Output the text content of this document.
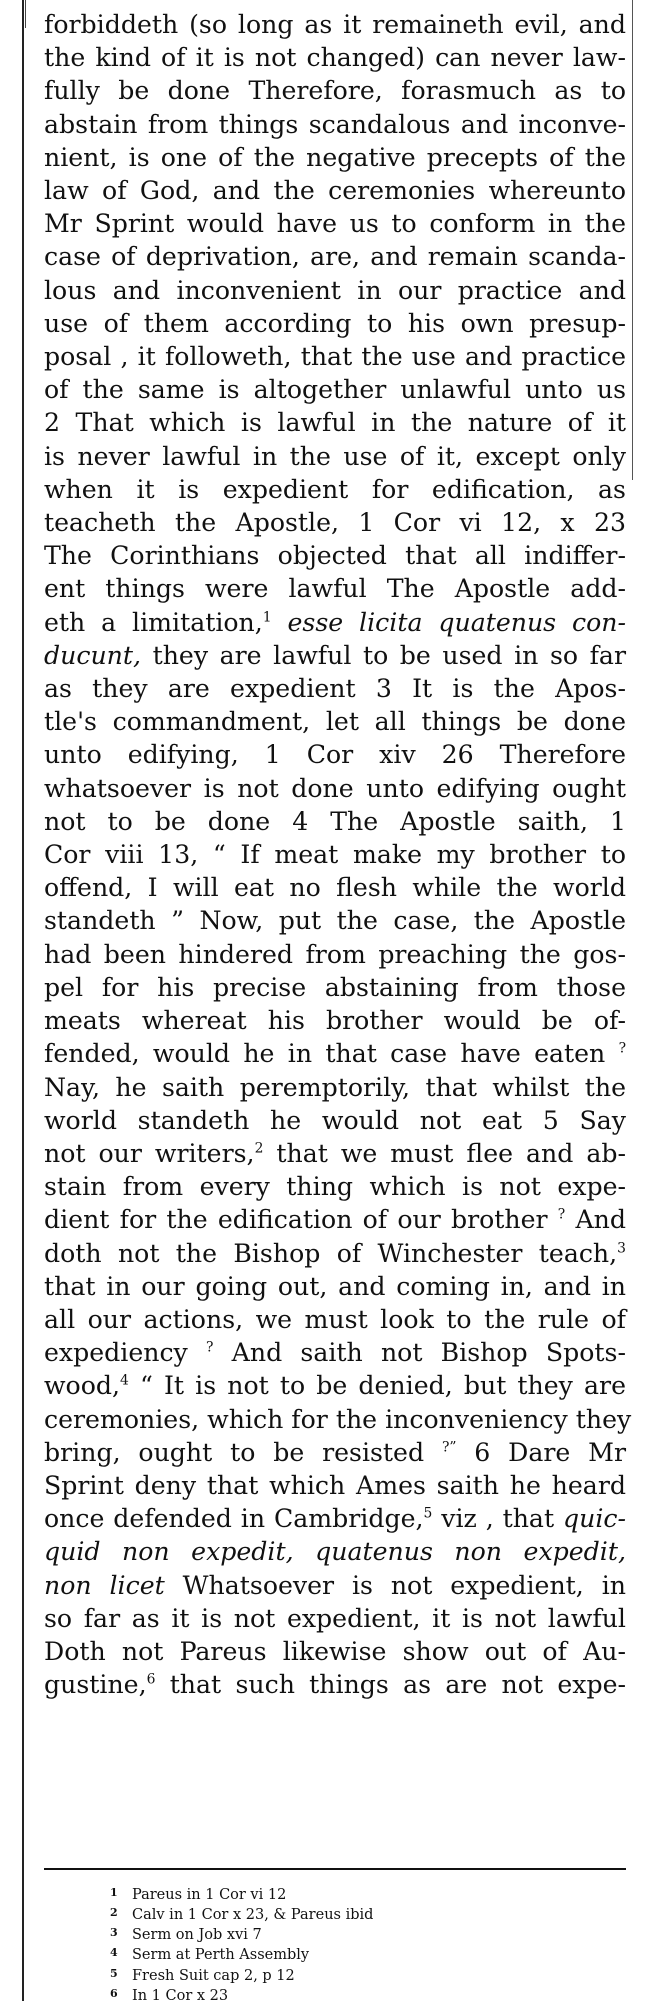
forbiddeth (so long as it remaineth evil, and
the kind of it is not changed) can never law-
fully be done Therefore, forasmuch as to
abstain from things scandalous and inconve-
nient, is one of the negative precepts of the
law of God, and the ceremonies whereunto
Mr Sprint would have us to conform in the
case of deprivation, are, and remain scanda-
lous and inconvenient in our practice and
use of them according to his own presup-
posal , it followeth, that the use and practice
of the same is altogether unlawful unto us
2 That which is lawful in the nature of it
is never lawful in the use of it, except only
when it is expedient for edification, as
teacheth the Apostle, 1 Cor vi 12, x 23
The Corinthians objected that all indiffer-
ent things were lawful The Apostle add-
eth a limitation,$^1$ esse licita quatenus con-
ducunt, they are lawful to be used in so far
as they are expedient 3 It is the Apos-
tle's commandment, let all things be done
unto edifying, 1 Cor xiv 26 Therefore
whatsoever is not done unto edifying ought
not to be done 4 The Apostle saith, 1
Cor viii 13, “ If meat make my brother to
offend, I will eat no flesh while the world
standeth ” Now, put the case, the Apostle
had been hindered from preaching the gos-
pel for his precise abstaining from those
meats whereat his brother would be of-
fended, would he in that case have eaten ?
Nay, he saith peremptorily, that whilst the
world standeth he would not eat 5 Say
not our writers,$^2$ that we must flee and ab-
stain from every thing which is not expe-
dient for the edification of our brother ? And
doth not the Bishop of Winchester teach,$^3$
that in our going out, and coming in, and in
all our actions, we must look to the rule of
expediency ? And saith not Bishop Spots-
wood,$^4$ “ It is not to be denied, but they are
ceremonies, which for the inconveniency they
bring, ought to be resisted ?” 6 Dare Mr
Sprint deny that which Ames saith he heard
once defended in Cambridge,$^5$ viz , that quic-
quid non expedit, quatenus non expedit,
non licet Whatsoever is not expedient, in
so far as it is not expedient, it is not lawful
Doth not Pareus likewise show out of Au-
gustine,$^6$ that such things as are not expe-
1 Pareus in 1 Cor vi 12
2 Calv in 1 Cor x 23, & Pareus ibid
3 Serm on Job xvi 7
4 Serm at Perth Assembly
5 Fresh Suit cap 2, p 12
6 In 1 Cor x 23
